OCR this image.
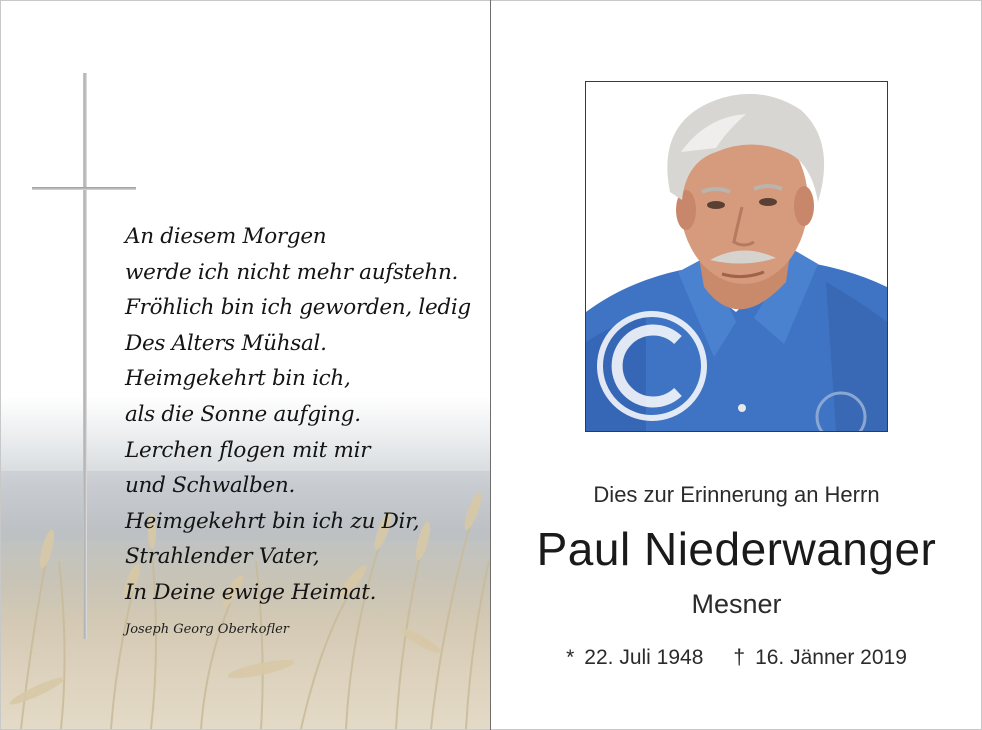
An diesem Morgen
werde ich nicht mehr aufstehn.
Fröhlich bin ich geworden, ledig
Des Alters Mühsal.
Heimgekehrt bin ich,
als die Sonne aufging.
Lerchen flogen mit mir
und Schwalben.
Heimgekehrt bin ich zu Dir,
Strahlender Vater,
In Deine ewige Heimat.
Joseph Georg Oberkofler
Dies zur Erinnerung an Herrn
Paul Niederwanger
Mesner
* 22. Juli 1948 † 16. Jänner 2019
